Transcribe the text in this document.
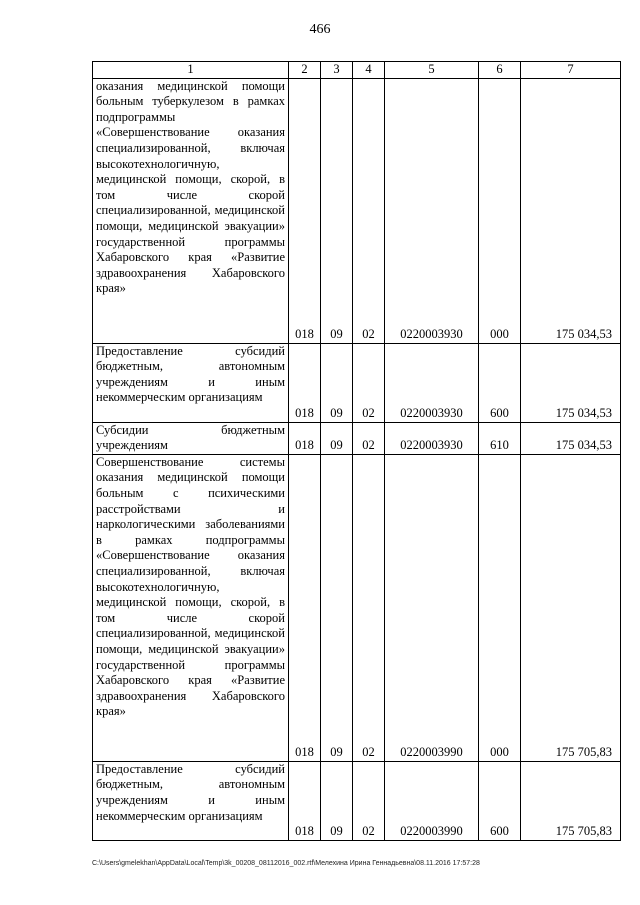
466
1	2	3	4	5	6	7
оказания медицинской помощи больным туберкулезом в рамках подпрограммы «Совершенствование оказания специализированной, включая высокотехнологичную, медицинской помощи, скорой, в том числе скорой специализированной, медицинской помощи, медицинской эвакуации» государственной программы Хабаровского края «Развитие здравоохранения Хабаровского края»	018	09	02	0220003930	000	175 034,53
Предоставление субсидий бюджетным, автономным учреждениям и иным некоммерческим организациям	018	09	02	0220003930	600	175 034,53
Субсидии бюджетным учреждениям	018	09	02	0220003930	610	175 034,53
Совершенствование системы оказания медицинской помощи больным с психическими расстройствами и наркологическими заболеваниями в рамках подпрограммы «Совершенствование оказания специализированной, включая высокотехнологичную, медицинской помощи, скорой, в том числе скорой специализированной, медицинской помощи, медицинской эвакуации» государственной программы Хабаровского края «Развитие здравоохранения Хабаровского края»	018	09	02	0220003990	000	175 705,83
Предоставление субсидий бюджетным, автономным учреждениям и иным некоммерческим организациям	018	09	02	0220003990	600	175 705,83
C:\Users\gmelekhan\AppData\Local\Temp\3k_00208_08112016_002.rtf\Мелехина Ирина Геннадьевна\08.11.2016 17:57:28
